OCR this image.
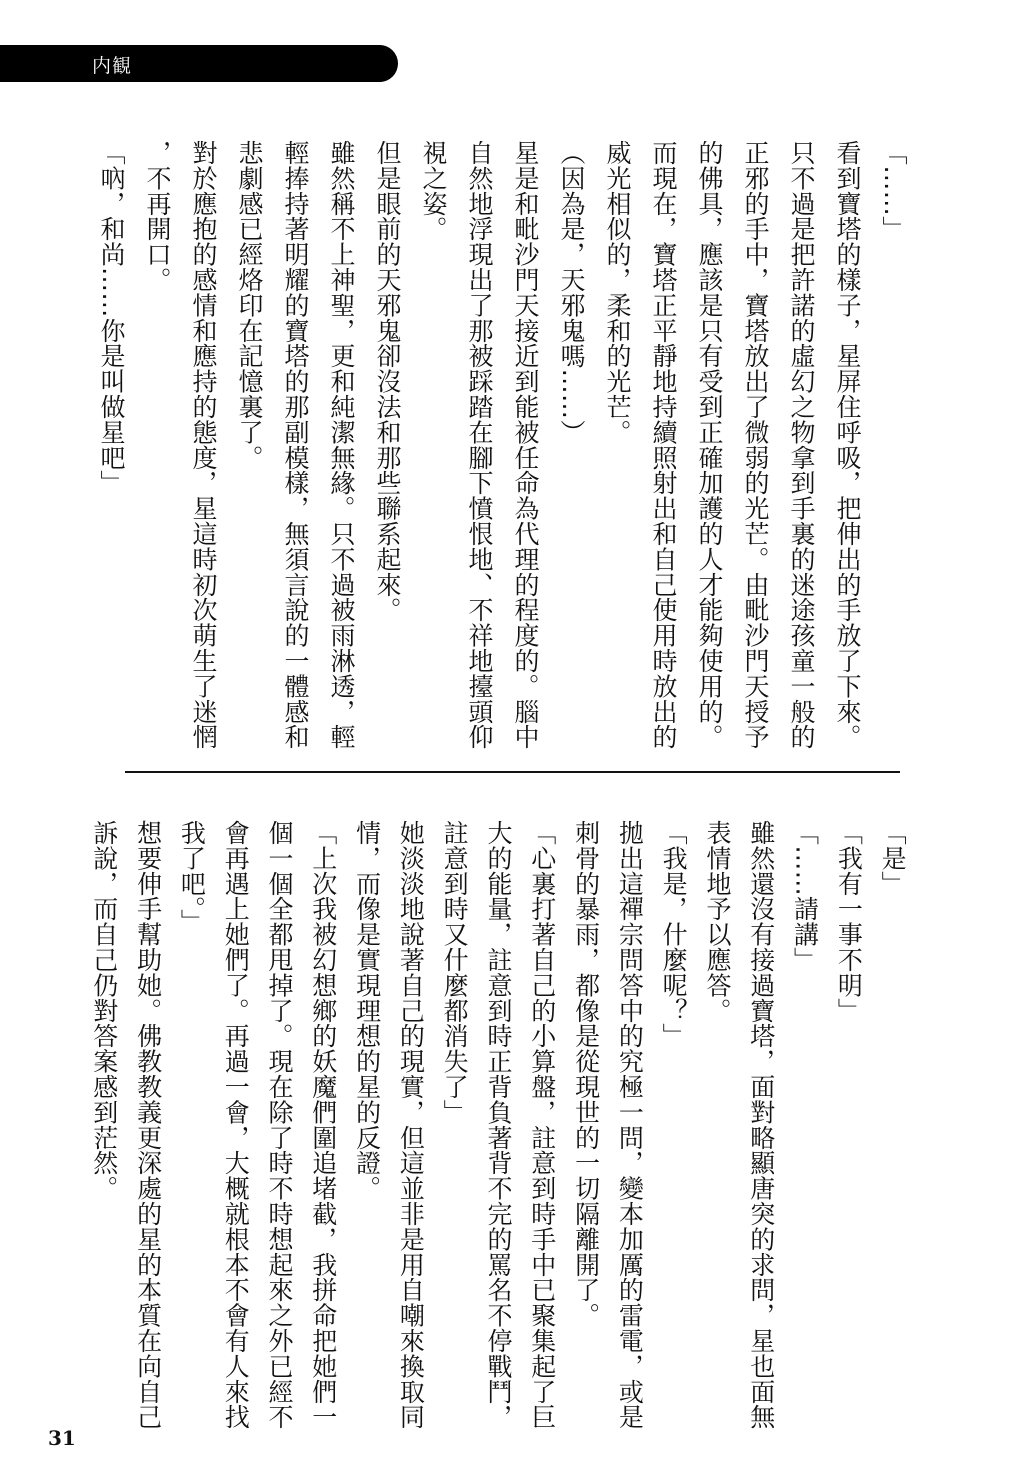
内観
「……」
看到寶塔的樣子，星屏住呼吸，把伸出的手放了下來。
只不過是把許諾的虛幻之物拿到手裏的迷途孩童一般的
正邪的手中，寶塔放出了微弱的光芒。由毗沙門天授予
的佛具，應該是只有受到正確加護的人才能夠使用的。
而現在，寶塔正平靜地持續照射出和自己使用時放出的
威光相似的，柔和的光芒。
（因為是，天邪鬼嗎……）
星是和毗沙門天接近到能被任命為代理的程度的。腦中
自然地浮現出了那被踩踏在腳下憤恨地、不祥地擡頭仰
視之姿。
但是眼前的天邪鬼卻沒法和那些聯系起來。
雖然稱不上神聖，更和純潔無緣。只不過被雨淋透，輕
輕捧持著明耀的寶塔的那副模樣，無須言說的一體感和
悲劇感已經烙印在記憶裏了。
對於應抱的感情和應持的態度，星這時初次萌生了迷惘
，不再開口。
「吶，和尚……你是叫做星吧」
「是」
「我有一事不明」
「……請講」
雖然還沒有接過寶塔，面對略顯唐突的求問，星也面無
表情地予以應答。
「我是，什麼呢？」
拋出這禪宗問答中的究極一問，變本加厲的雷電，或是
刺骨的暴雨，都像是從現世的一切隔離開了。
「心裏打著自己的小算盤，註意到時手中已聚集起了巨
大的能量，註意到時正背負著背不完的罵名不停戰鬥，
註意到時又什麼都消失了」
她淡淡地說著自己的現實，但這並非是用自嘲來換取同
情，而像是實現理想的星的反證。
「上次我被幻想鄉的妖魔們圍追堵截，我拼命把她們一
個一個全都甩掉了。現在除了時不時想起來之外已經不
會再遇上她們了。再過一會，大概就根本不會有人來找
我了吧。」
想要伸手幫助她。佛教教義更深處的星的本質在向自己
訴說，而自己仍對答案感到茫然。
31
